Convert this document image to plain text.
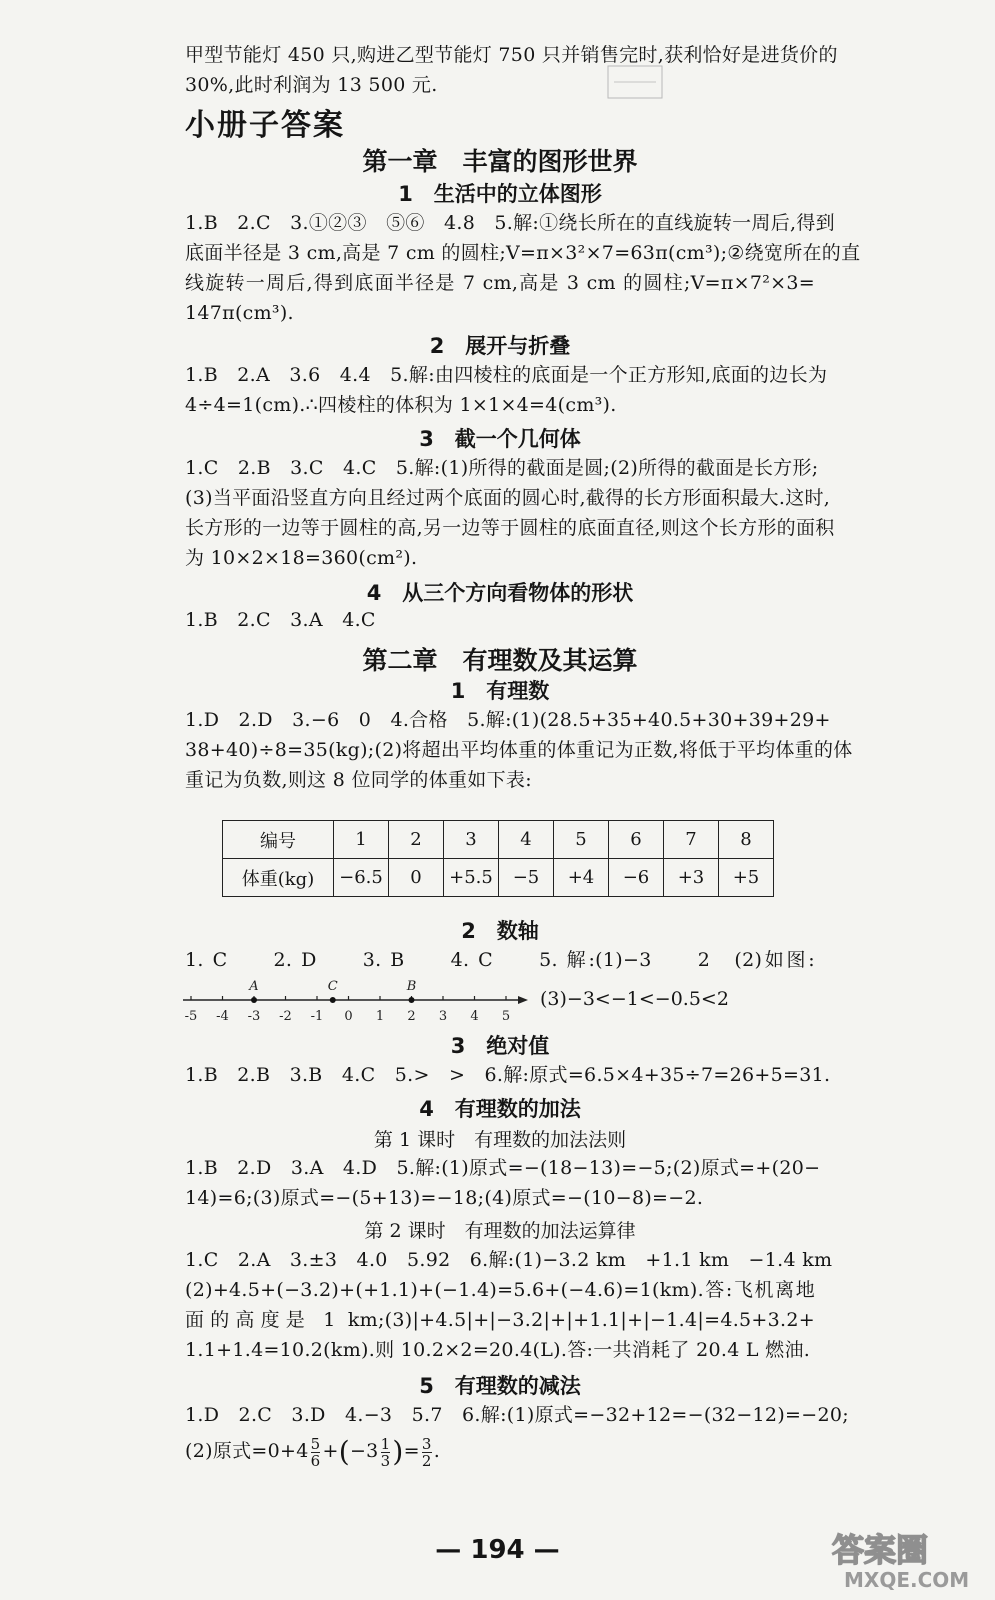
甲型节能灯 450 只,购进乙型节能灯 750 只并销售完时,获利恰好是进货价的
30%,此时利润为 13 500 元.
小册子答案
第一章　丰富的图形世界
1　生活中的立体图形
1.B　2.C　3.①②③　⑤⑥　4.8　5.解:①绕长所在的直线旋转一周后,得到
底面半径是 3 cm,高是 7 cm 的圆柱;V=π×3²×7=63π(cm³);②绕宽所在的直
线旋转一周后,得到底面半径是 7 cm,高是 3 cm 的圆柱;V=π×7²×3=
147π(cm³).
2　展开与折叠
1.B　2.A　3.6　4.4　5.解:由四棱柱的底面是一个正方形知,底面的边长为
4÷4=1(cm).∴四棱柱的体积为 1×1×4=4(cm³).
3　截一个几何体
1.C　2.B　3.C　4.C　5.解:(1)所得的截面是圆;(2)所得的截面是长方形;
(3)当平面沿竖直方向且经过两个底面的圆心时,截得的长方形面积最大.这时,
长方形的一边等于圆柱的高,另一边等于圆柱的底面直径,则这个长方形的面积
为 10×2×18=360(cm²).
4　从三个方向看物体的形状
1.B　2.C　3.A　4.C
第二章　有理数及其运算
1　有理数
1.D　2.D　3.−6　0　4.合格　5.解:(1)(28.5+35+40.5+30+39+29+
38+40)÷8=35(kg);(2)将超出平均体重的体重记为正数,将低于平均体重的体
重记为负数,则这 8 位同学的体重如下表:
编号	1	2	3	4	5	6	7	8
体重(kg)	−6.5	0	+5.5	−5	+4	−6	+3	+5
2　数轴
1. C　　2. D　　3. B　　4. C　　5. 解:(1)−3　　2　(2)如图:
-5 -4 -3 -2 -1 0 1 2 3 4 5
A	C	B
(3)−3<−1<−0.5<2
3　绝对值
1.B　2.B　3.B　4.C　5.>　>　6.解:原式=6.5×4+35÷7=26+5=31.
4　有理数的加法
第 1 课时　有理数的加法法则
1.B　2.D　3.A　4.D　5.解:(1)原式=−(18−13)=−5;(2)原式=+(20−
14)=6;(3)原式=−(5+13)=−18;(4)原式=−(10−8)=−2.
第 2 课时　有理数的加法运算律
1.C　2.A　3.±3　4.0　5.92　6.解:(1)−3.2 km　+1.1 km　−1.4 km
(2)+4.5+(−3.2)+(+1.1)+(−1.4)=5.6+(−4.6)=1(km).答:飞机离地
面的高度是 1 km;(3)|+4.5|+|−3.2|+|+1.1|+|−1.4|=4.5+3.2+
1.1+1.4=10.2(km).则 10.2×2=20.4(L).答:一共消耗了 20.4 L 燃油.
5　有理数的减法
1.D　2.C　3.D　4.−3　5.7　6.解:(1)原式=−32+12=−(32−12)=−20;
(2)原式$=0+4 \frac{5}{6} +(-3 \frac{1}{3}$ )= $\frac{3}{2}$ .
— 194 —	答案圈
MXQE.COM
